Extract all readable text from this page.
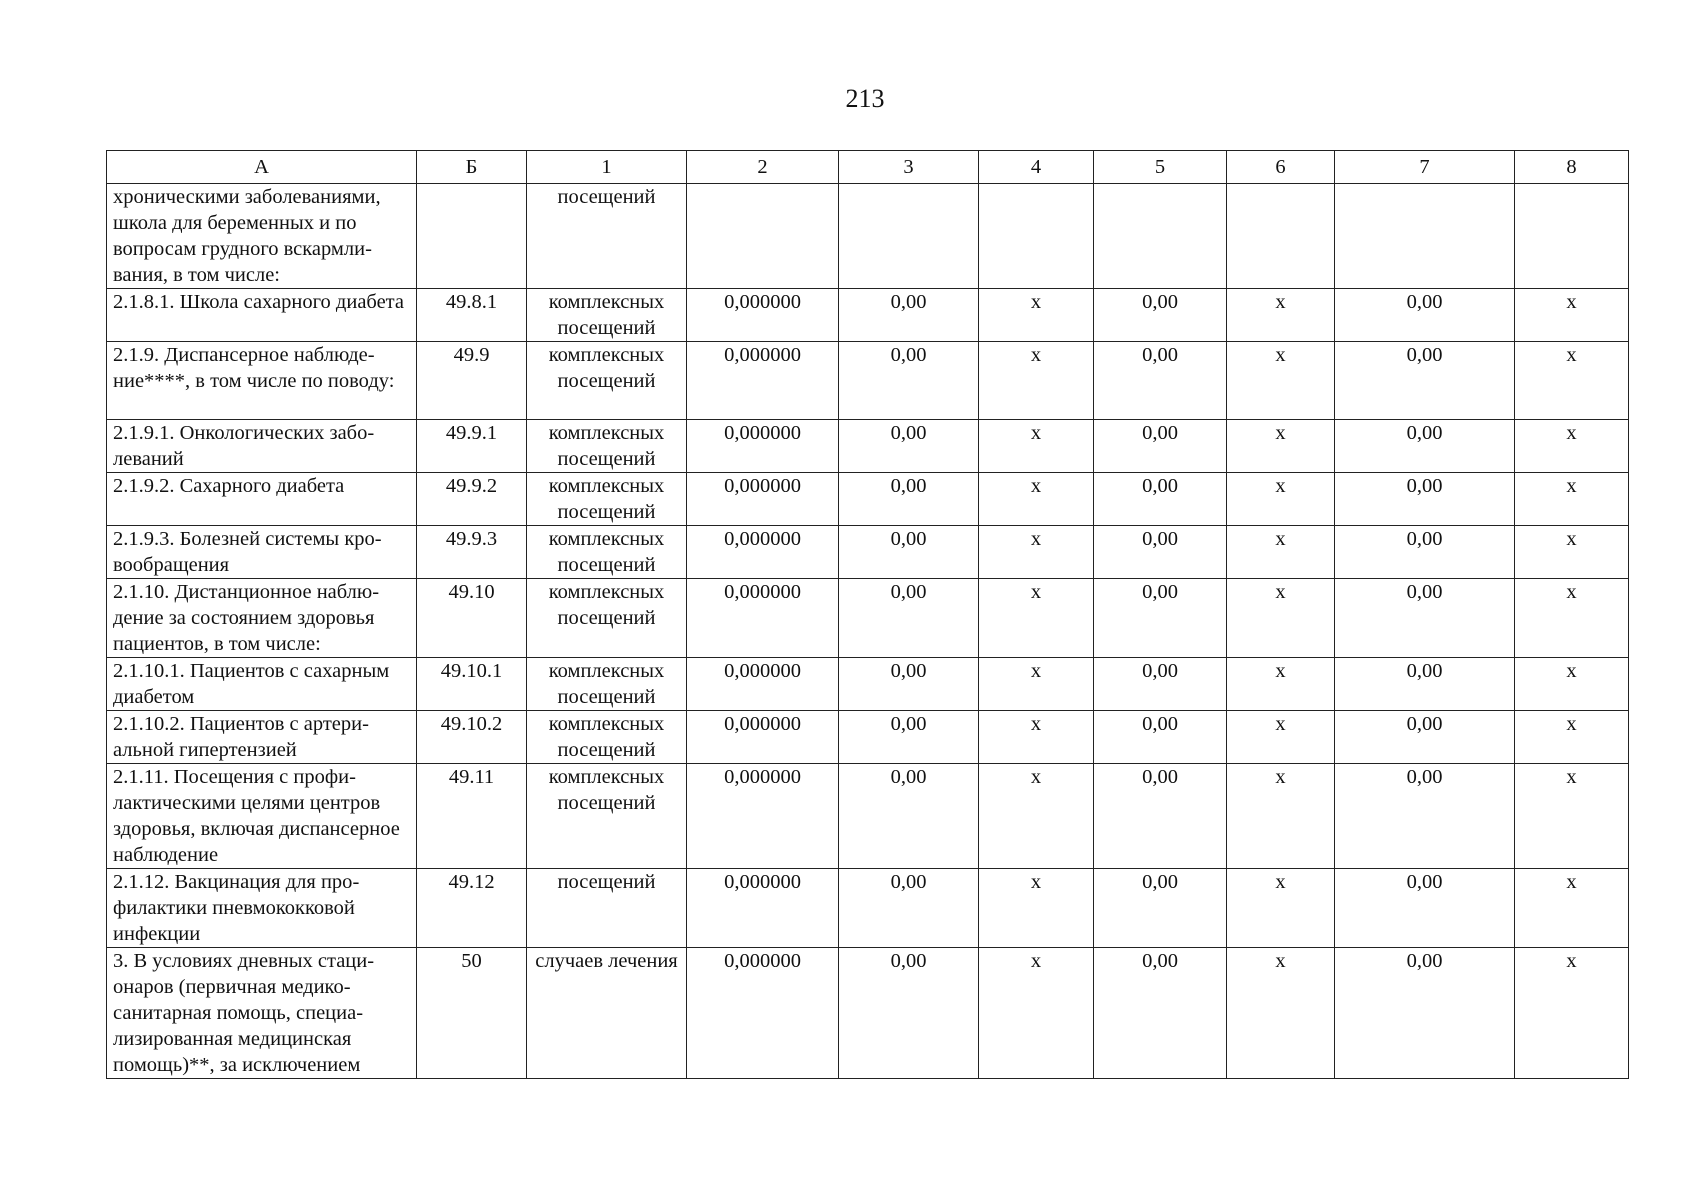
213
А	Б	1	2	3	4	5	6	7	8
хроническими заболеваниями, школа для беременных и по вопросам грудного вскармливания, в том числе:		посещений							
2.1.8.1. Школа сахарного диабета	49.8.1	комплексных посещений	0,000000	0,00	х	0,00	х	0,00	х
2.1.9. Диспансерное наблюдение****, в том числе по поводу:	49.9	комплексных посещений	0,000000	0,00	х	0,00	х	0,00	х
2.1.9.1. Онкологических заболеваний	49.9.1	комплексных посещений	0,000000	0,00	х	0,00	х	0,00	х
2.1.9.2. Сахарного диабета	49.9.2	комплексных посещений	0,000000	0,00	х	0,00	х	0,00	х
2.1.9.3. Болезней системы кровообращения	49.9.3	комплексных посещений	0,000000	0,00	х	0,00	х	0,00	х
2.1.10. Дистанционное наблюдение за состоянием здоровья пациентов, в том числе:	49.10	комплексных посещений	0,000000	0,00	х	0,00	х	0,00	х
2.1.10.1. Пациентов с сахарным диабетом	49.10.1	комплексных посещений	0,000000	0,00	х	0,00	х	0,00	х
2.1.10.2. Пациентов с артериальной гипертензией	49.10.2	комплексных посещений	0,000000	0,00	х	0,00	х	0,00	х
2.1.11. Посещения с профилактическими целями центров здоровья, включая диспансерное наблюдение	49.11	комплексных посещений	0,000000	0,00	х	0,00	х	0,00	х
2.1.12. Вакцинация для профилактики пневмококковой инфекции	49.12	посещений	0,000000	0,00	х	0,00	х	0,00	х
3. В условиях дневных стационаров (первичная медико-санитарная помощь, специализированная медицинская помощь)**, за исключением	50	случаев лечения	0,000000	0,00	х	0,00	х	0,00	х
